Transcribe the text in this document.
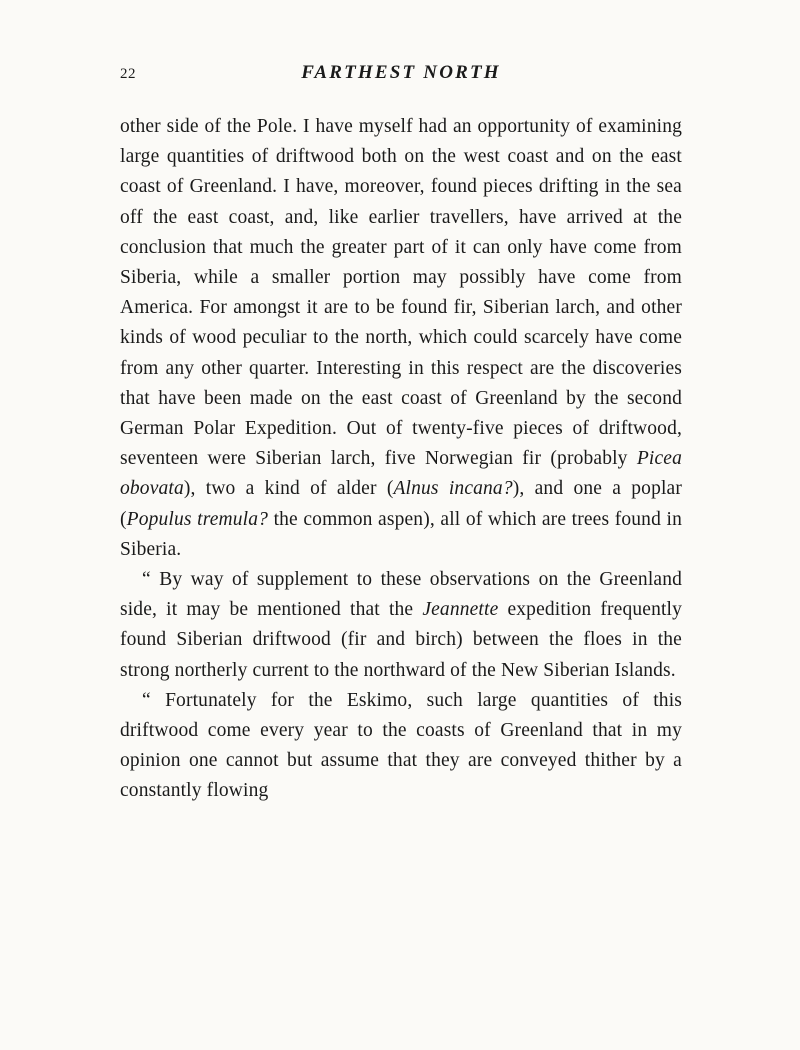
22	FARTHEST NORTH

other side of the Pole. I have myself had an opportunity of examining large quantities of driftwood both on the west coast and on the east coast of Greenland. I have, moreover, found pieces drifting in the sea off the east coast, and, like earlier travellers, have arrived at the conclusion that much the greater part of it can only have come from Siberia, while a smaller portion may possibly have come from America. For amongst it are to be found fir, Siberian larch, and other kinds of wood peculiar to the north, which could scarcely have come from any other quarter. Interesting in this respect are the discoveries that have been made on the east coast of Greenland by the second German Polar Expedition. Out of twenty-five pieces of driftwood, seventeen were Siberian larch, five Norwegian fir (probably Picea obovata), two a kind of alder (Alnus incana?), and one a poplar (Populus tremula? the common aspen), all of which are trees found in Siberia.

“ By way of supplement to these observations on the Greenland side, it may be mentioned that the Jeannette expedition frequently found Siberian driftwood (fir and birch) between the floes in the strong northerly current to the northward of the New Siberian Islands.

“ Fortunately for the Eskimo, such large quantities of this driftwood come every year to the coasts of Greenland that in my opinion one cannot but assume that they are conveyed thither by a constantly flowing
